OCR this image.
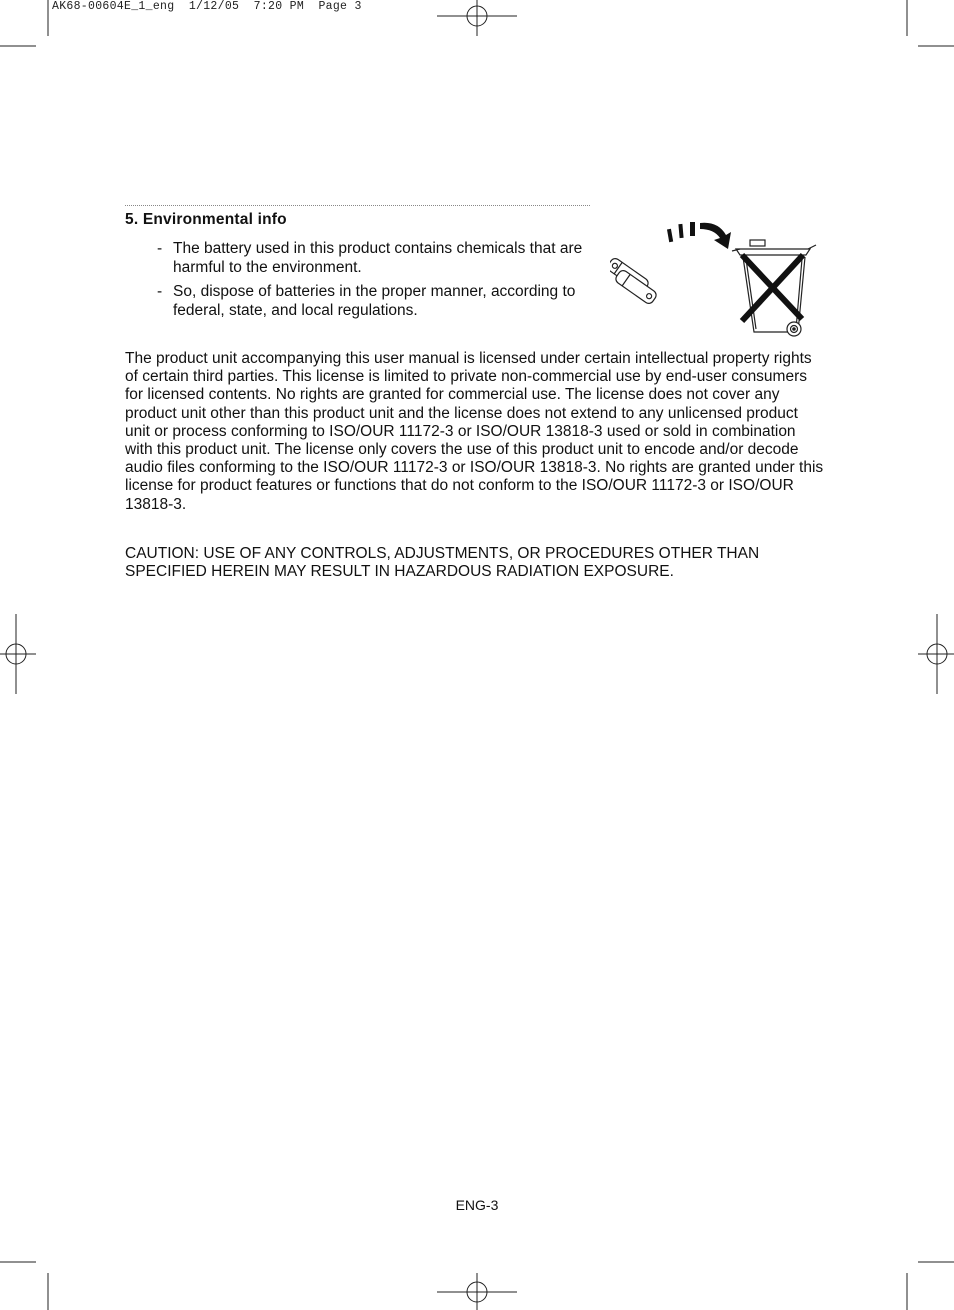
AK68-00604E_1_eng  1/12/05  7:20 PM  Page 3
5. Environmental info
- The battery used in this product contains chemicals that are harmful to the environment.
- So, dispose of batteries in the proper manner, according to federal, state, and local regulations.
The product unit accompanying this user manual is licensed under certain intellectual property rights of certain third parties. This license is limited to private non-commercial use by end-user consumers for licensed contents. No rights are granted for commercial use. The license does not cover any product unit other than this product unit and the license does not extend to any unlicensed product unit or process conforming to ISO/OUR 11172-3 or ISO/OUR 13818-3 used or sold in combination with this product unit. The license only covers the use of this product unit to encode and/or decode audio files conforming to the ISO/OUR 11172-3 or ISO/OUR 13818-3. No rights are granted under this license for product features or functions that do not conform to the ISO/OUR 11172-3 or ISO/OUR 13818-3.
CAUTION: USE OF ANY CONTROLS, ADJUSTMENTS, OR PROCEDURES OTHER THAN SPECIFIED HEREIN MAY RESULT IN HAZARDOUS RADIATION EXPOSURE.
ENG-3
